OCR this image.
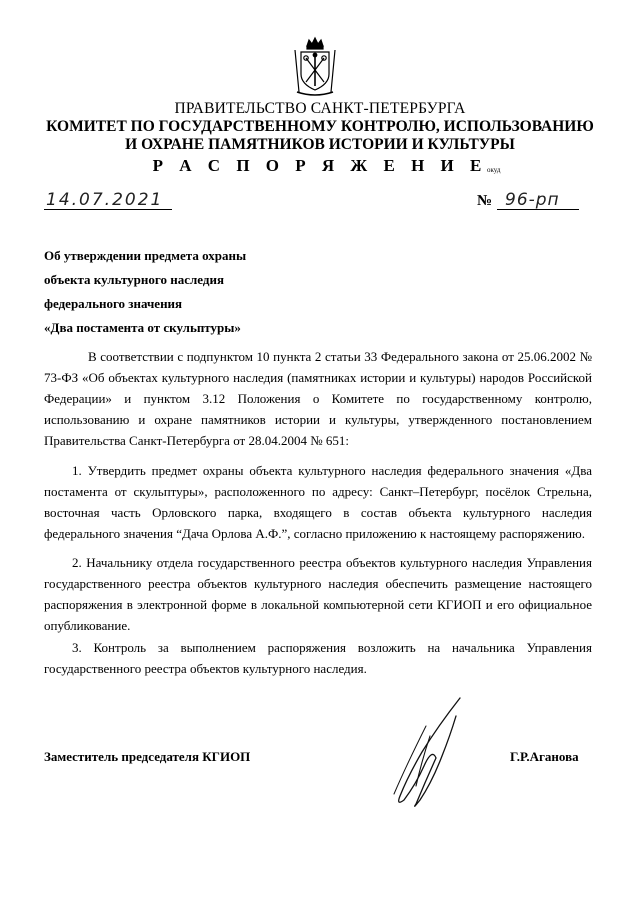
ПРАВИТЕЛЬСТВО САНКТ-ПЕТЕРБУРГА
КОМИТЕТ ПО ГОСУДАРСТВЕННОМУ КОНТРОЛЮ, ИСПОЛЬЗОВАНИЮ
И ОХРАНЕ ПАМЯТНИКОВ ИСТОРИИ И КУЛЬТУРЫ
Р А С П О Р Я Ж Е Н И Е окуд
14.07.2021	№ 96-рп
Об утверждении предмета охраны
объекта культурного наследия
федерального значения
«Два постамента от скульптуры»
В соответствии с подпунктом 10 пункта 2 статьи 33 Федерального закона от 25.06.2002 № 73-ФЗ «Об объектах культурного наследия (памятниках истории и культуры) народов Российской Федерации» и пунктом 3.12 Положения о Комитете по государственному контролю, использованию и охране памятников истории и культуры, утвержденного постановлением Правительства Санкт-Петербурга от 28.04.2004 № 651:
1. Утвердить предмет охраны объекта культурного наследия федерального значения «Два постамента от скульптуры», расположенного по адресу: Санкт–Петербург, посёлок Стрельна, восточная часть Орловского парка, входящего в состав объекта культурного наследия федерального значения “Дача Орлова А.Ф.”, согласно приложению к настоящему распоряжению.
2. Начальнику отдела государственного реестра объектов культурного наследия Управления государственного реестра объектов культурного наследия обеспечить размещение настоящего распоряжения в электронной форме в локальной компьютерной сети КГИОП и его официальное опубликование.
3. Контроль за выполнением распоряжения возложить на начальника Управления государственного реестра объектов культурного наследия.
Заместитель председателя КГИОП	Г.Р.Аганова
